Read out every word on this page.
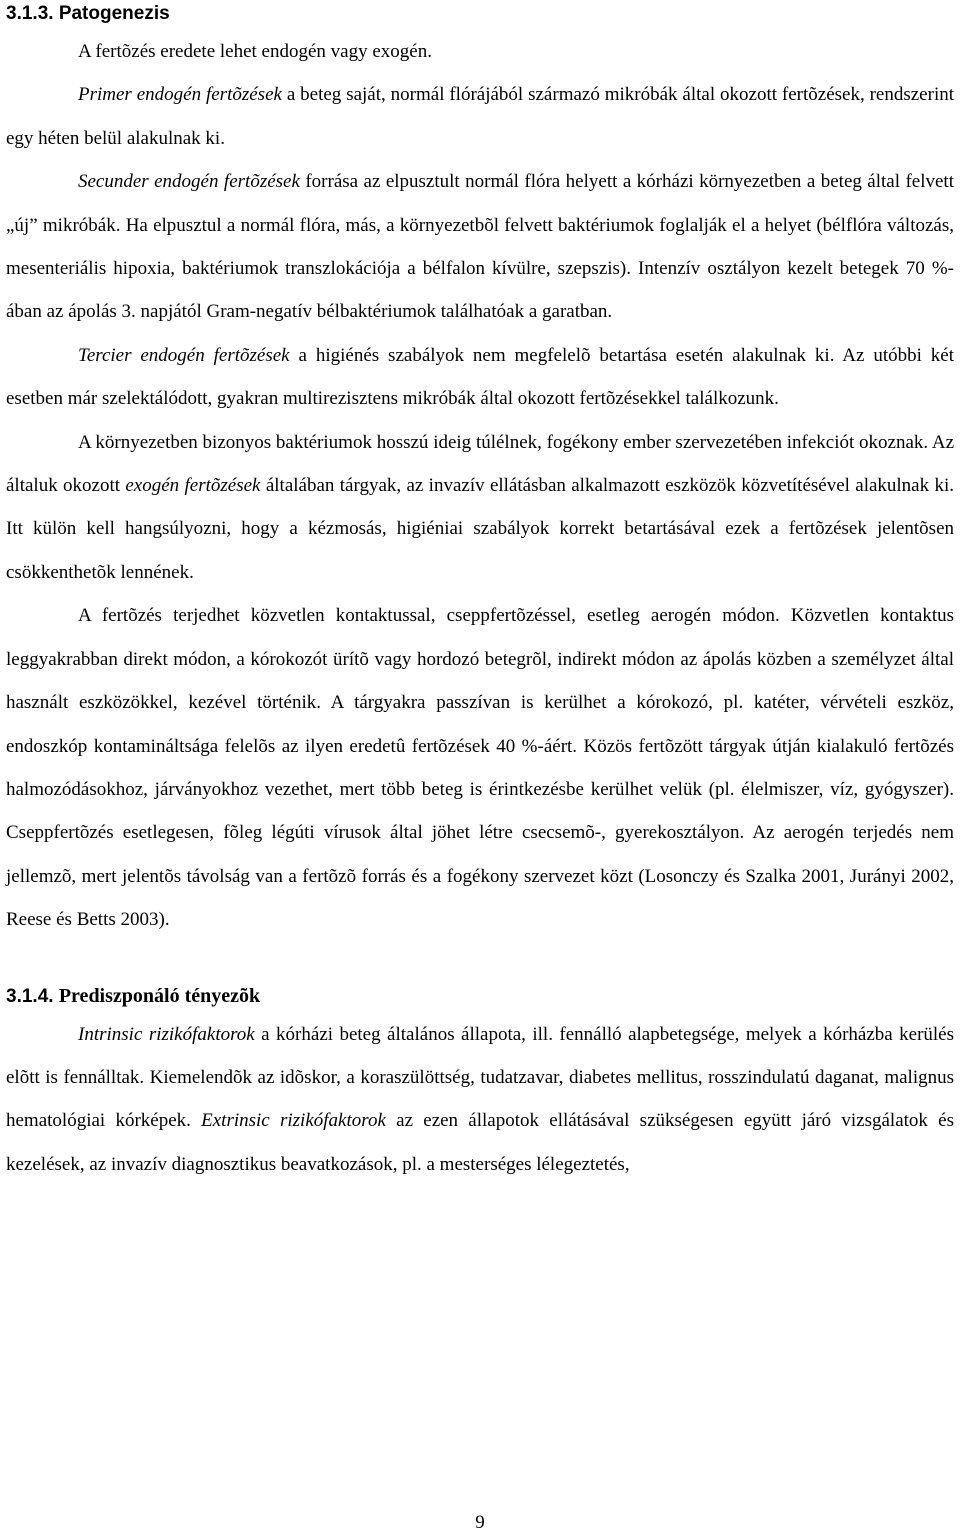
3.1.3. Patogenezis

A fertõzés eredete lehet endogén vagy exogén.

Primer endogén fertõzések a beteg saját, normál flórájából származó mikróbák által okozott fertõzések, rendszerint egy héten belül alakulnak ki.

Secunder endogén fertõzések forrása az elpusztult normál flóra helyett a kórházi környezetben a beteg által felvett „új” mikróbák. Ha elpusztul a normál flóra, más, a környezetbõl felvett baktériumok foglalják el a helyet (bélflóra változás, mesenteriális hipoxia, baktériumok transzlokációja a bélfalon kívülre, szepszis). Intenzív osztályon kezelt betegek 70 %-ában az ápolás 3. napjától Gram-negatív bélbaktériumok találhatóak a garatban.

Tercier endogén fertõzések a higiénés szabályok nem megfelelõ betartása esetén alakulnak ki. Az utóbbi két esetben már szelektálódott, gyakran multirezisztens mikróbák által okozott fertõzésekkel találkozunk.

A környezetben bizonyos baktériumok hosszú ideig túlélnek, fogékony ember szervezetében infekciót okoznak. Az általuk okozott exogén fertõzések általában tárgyak, az invazív ellátásban alkalmazott eszközök közvetítésével alakulnak ki. Itt külön kell hangsúlyozni, hogy a kézmosás, higiéniai szabályok korrekt betartásával ezek a fertõzések jelentõsen csökkenthetõk lennének.

A fertõzés terjedhet közvetlen kontaktussal, cseppfertõzéssel, esetleg aerogén módon. Közvetlen kontaktus leggyakrabban direkt módon, a kórokozót ürítõ vagy hordozó betegrõl, indirekt módon az ápolás közben a személyzet által használt eszközökkel, kezével történik. A tárgyakra passzívan is kerülhet a kórokozó, pl. katéter, vérvételi eszköz, endoszkóp kontamináltsága felelõs az ilyen eredetû fertõzések 40 %-áért. Közös fertõzött tárgyak útján kialakuló fertõzés halmozódásokhoz, járványokhoz vezethet, mert több beteg is érintkezésbe kerülhet velük (pl. élelmiszer, víz, gyógyszer). Cseppfertõzés esetlegesen, fõleg légúti vírusok által jöhet létre csecsemõ-, gyerekosztályon. Az aerogén terjedés nem jellemzõ, mert jelentõs távolság van a fertõzõ forrás és a fogékony szervezet közt (Losonczy és Szalka 2001, Jurányi 2002, Reese és Betts 2003).

3.1.4. Prediszponáló tényezõk

Intrinsic rizikófaktorok a kórházi beteg általános állapota, ill. fennálló alapbetegsége, melyek a kórházba kerülés elõtt is fennálltak. Kiemelendõk az idõskor, a koraszülöttség, tudatzavar, diabetes mellitus, rosszindulatú daganat, malignus hematológiai kórképek. Extrinsic rizikófaktorok az ezen állapotok ellátásával szükségesen együtt járó vizsgálatok és kezelések, az invazív diagnosztikus beavatkozások, pl. a mesterséges lélegeztetés,

9
